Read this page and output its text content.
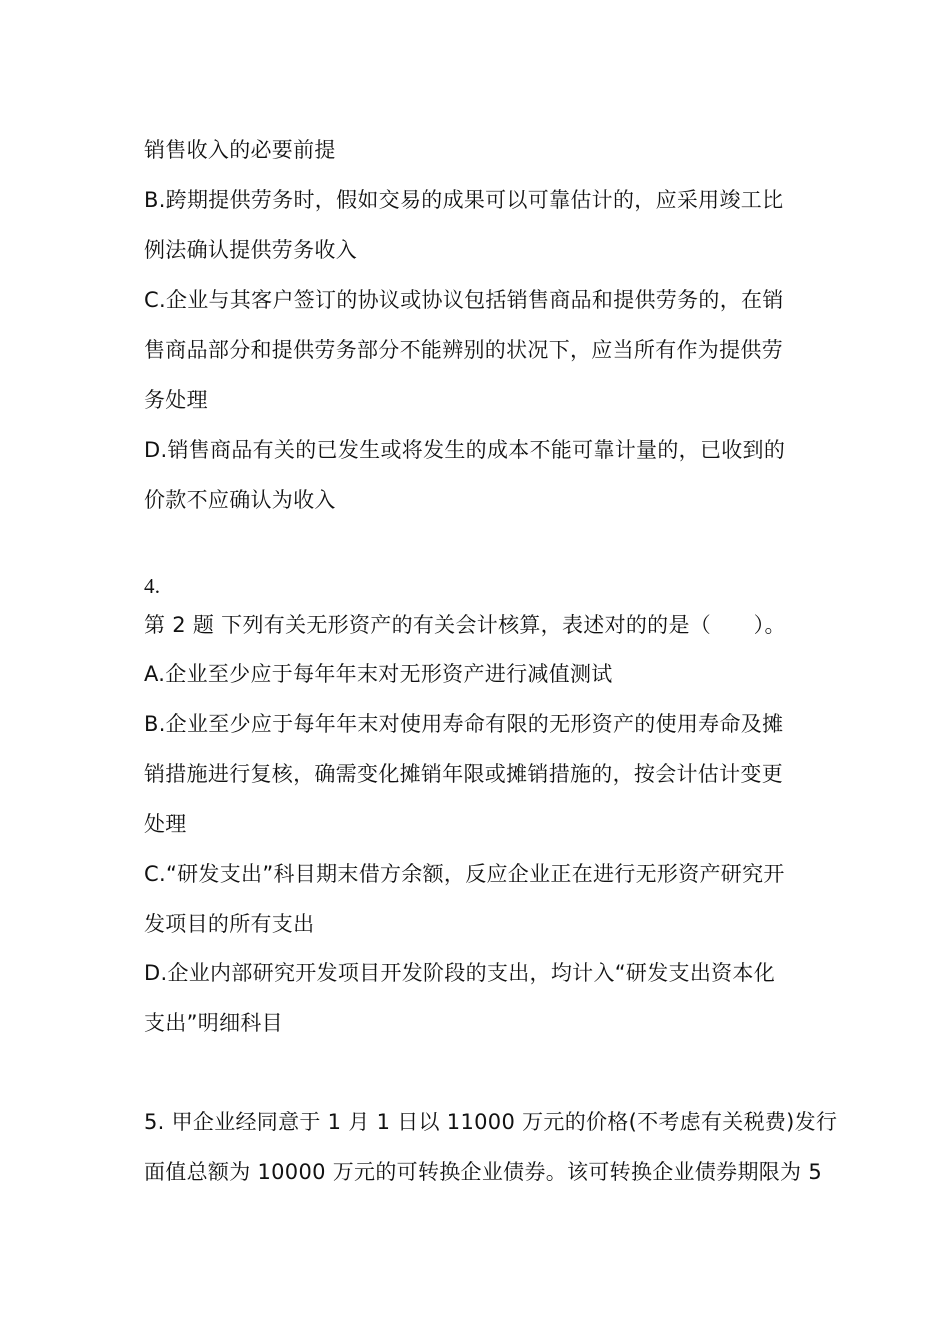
销售收入的必要前提
B.跨期提供劳务时，假如交易的成果可以可靠估计的，应采用竣工比
例法确认提供劳务收入
C.企业与其客户签订的协议或协议包括销售商品和提供劳务的，在销
售商品部分和提供劳务部分不能辨别的状况下，应当所有作为提供劳
务处理
D.销售商品有关的已发生或将发生的成本不能可靠计量的，已收到的
价款不应确认为收入
4.
第 2 题 下列有关无形资产的有关会计核算，表述对的的是（　　）。
A.企业至少应于每年年末对无形资产进行减值测试
B.企业至少应于每年年末对使用寿命有限的无形资产的使用寿命及摊
销措施进行复核，确需变化摊销年限或摊销措施的，按会计估计变更
处理
C.“研发支出”科目期末借方余额，反应企业正在进行无形资产研究开
发项目的所有支出
D.企业内部研究开发项目开发阶段的支出，均计入“研发支出资本化
支出”明细科目
5. 甲企业经同意于 1 月 1 日以 11000 万元的价格(不考虑有关税费)发行
面值总额为 10000 万元的可转换企业债券。该可转换企业债券期限为 5
